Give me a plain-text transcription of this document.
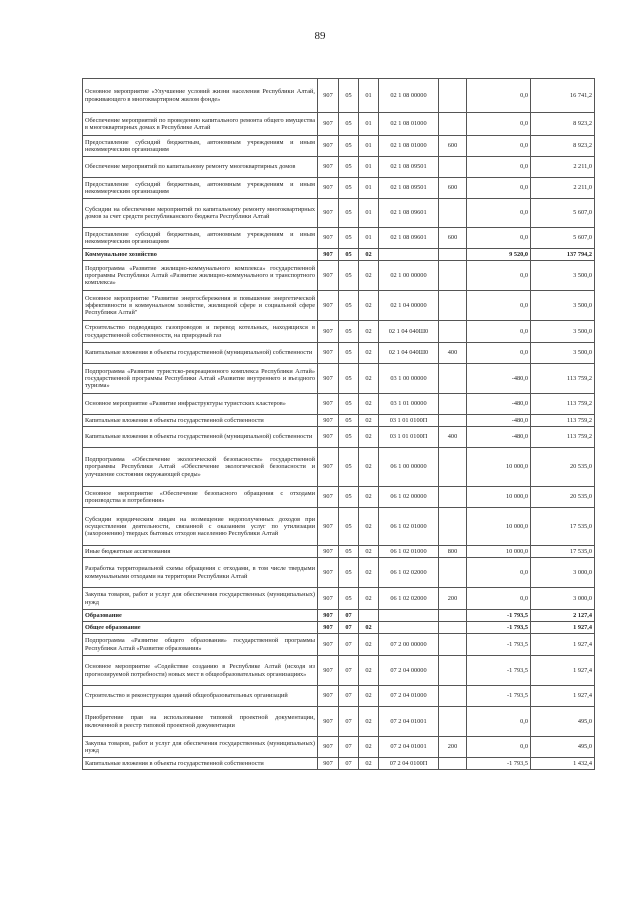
89
Основное мероприятие «Улучшение условий жизни населения Республики Алтай, проживающего в многоквартирном жилом фонде»	907	05	01	02 1 08 00000		0,0	16 741,2
Обеспечение мероприятий по проведению капитального ремонта общего имущества в многоквартирных домах в Республике Алтай	907	05	01	02 1 08 01000		0,0	8 923,2
Предоставление субсидий бюджетным, автономным учреждениям и иным некоммерческим организациям	907	05	01	02 1 08 01000	600	0,0	8 923,2
Обеспечение мероприятий по капитальному ремонту многоквартирных домов	907	05	01	02 1 08 09501		0,0	2 211,0
Предоставление субсидий бюджетным, автономным учреждениям и иным некоммерческим организациям	907	05	01	02 1 08 09501	600	0,0	2 211,0
Субсидии на обеспечение мероприятий по капитальному ремонту многоквартирных домов за счет средств республиканского бюджета Республики Алтай	907	05	01	02 1 08 09601		0,0	5 607,0
Предоставление субсидий бюджетным, автономным учреждениям и иным некоммерческим организациям	907	05	01	02 1 08 09601	600	0,0	5 607,0
Коммунальное хозяйство	907	05	02			9 520,0	137 794,2
Подпрограмма «Развитие жилищно-коммунального комплекса» государственной программы Республики Алтай «Развитие жилищно-коммунального и транспортного комплекса»	907	05	02	02 1 00 00000		0,0	3 500,0
Основное мероприятие "Развитие энергосбережения и повышение энергетической эффективности в коммунальном хозяйстве, жилищной сфере и социальной сфере Республики Алтай"	907	05	02	02 1 04 00000		0,0	3 500,0
Строительство подводящих газопроводов и перевод котельных, находящихся в государственной собственности, на природный газ	907	05	02	02 1 04 040Ш0		0,0	3 500,0
Капитальные вложения в объекты государственной (муниципальной) собственности	907	05	02	02 1 04 040Ш0	400	0,0	3 500,0
Подпрограмма «Развитие туристско-рекреационного комплекса Республики Алтай» государственной программы Республики Алтай «Развитие внутреннего и въездного туризма»	907	05	02	03 1 00 00000		-480,0	113 759,2
Основное мероприятие «Развитие инфраструктуры туристских кластеров»	907	05	02	03 1 01 00000		-480,0	113 759,2
Капитальные вложения в объекты государственной собственности	907	05	02	03 1 01 0100П		-480,0	113 759,2
Капитальные вложения в объекты государственной (муниципальной) собственности	907	05	02	03 1 01 0100П	400	-480,0	113 759,2
Подпрограмма «Обеспечение экологической безопасности» государственной программы Республики Алтай «Обеспечение экологической безопасности и улучшение состояния окружающей среды»	907	05	02	06 1 00 00000		10 000,0	20 535,0
Основное мероприятие «Обеспечение безопасного обращения с отходами производства и потребления»	907	05	02	06 1 02 00000		10 000,0	20 535,0
Субсидии юридическим лицам на возмещение недополученных доходов при осуществлении деятельности, связанной с оказанием услуг по утилизации (захоронению) твердых бытовых отходов населению Республики Алтай	907	05	02	06 1 02 01000		10 000,0	17 535,0
Иные бюджетные ассигнования	907	05	02	06 1 02 01000	800	10 000,0	17 535,0
Разработка территориальной схемы обращения с отходами, в том числе твердыми коммунальными отходами на территории Республики Алтай	907	05	02	06 1 02 02000		0,0	3 000,0
Закупка товаров, работ и услуг для обеспечения государственных (муниципальных) нужд	907	05	02	06 1 02 02000	200	0,0	3 000,0
Образование	907	07				-1 793,5	2 127,4
Общее образование	907	07	02			-1 793,5	1 927,4
Подпрограмма «Развитие общего образования» государственной программы Республики Алтай «Развитие образования»	907	07	02	07 2 00 00000		-1 793,5	1 927,4
Основное мероприятие «Содействие созданию в Республике Алтай (исходя из прогнозируемой потребности) новых мест в общеобразовательных организациях»	907	07	02	07 2 04 00000		-1 793,5	1 927,4
Строительство и реконструкция зданий общеобразовательных организаций	907	07	02	07 2 04 01000		-1 793,5	1 927,4
Приобретение прав на использование типовой проектной документации, включенной в реестр типовой проектной документации	907	07	02	07 2 04 01001		0,0	495,0
Закупка товаров, работ и услуг для обеспечения государственных (муниципальных) нужд	907	07	02	07 2 04 01001	200	0,0	495,0
Капитальные вложения в объекты государственной собственности	907	07	02	07 2 04 0100П		-1 793,5	1 432,4
